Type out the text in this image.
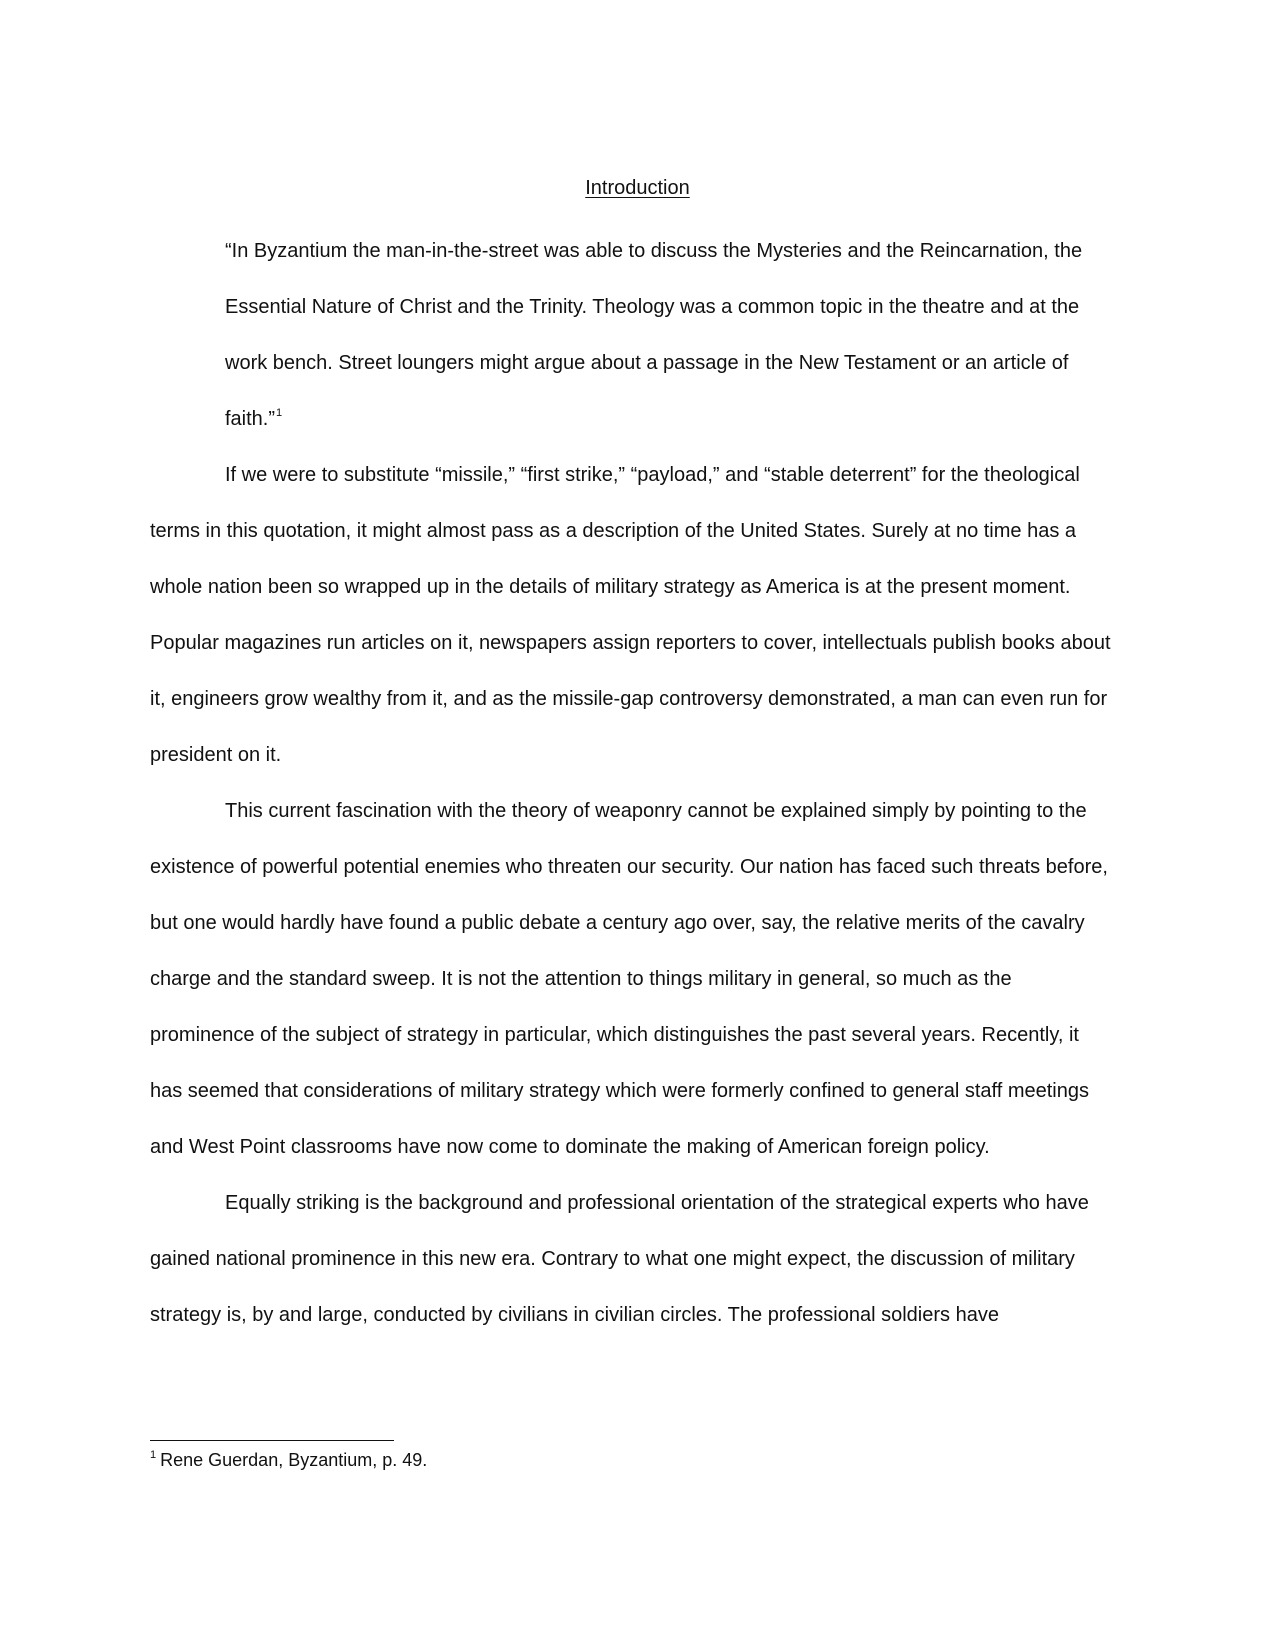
Introduction

“In Byzantium the man-in-the-street was able to discuss the Mysteries and the Reincarnation, the Essential Nature of Christ and the Trinity. Theology was a common topic in the theatre and at the work bench. Street loungers might argue about a passage in the New Testament or an article of faith.”$^1$

If we were to substitute “missile,” “first strike,” “payload,” and “stable deterrent” for the theological terms in this quotation, it might almost pass as a description of the United States. Surely at no time has a whole nation been so wrapped up in the details of military strategy as America is at the present moment. Popular magazines run articles on it, newspapers assign reporters to cover, intellectuals publish books about it, engineers grow wealthy from it, and as the missile-gap controversy demonstrated, a man can even run for president on it.

This current fascination with the theory of weaponry cannot be explained simply by pointing to the existence of powerful potential enemies who threaten our security. Our nation has faced such threats before, but one would hardly have found a public debate a century ago over, say, the relative merits of the cavalry charge and the standard sweep. It is not the attention to things military in general, so much as the prominence of the subject of strategy in particular, which distinguishes the past several years. Recently, it has seemed that considerations of military strategy which were formerly confined to general staff meetings and West Point classrooms have now come to dominate the making of American foreign policy.

Equally striking is the background and professional orientation of the strategical experts who have gained national prominence in this new era. Contrary to what one might expect, the discussion of military strategy is, by and large, conducted by civilians in civilian circles. The professional soldiers have

$^1$ Rene Guerdan, Byzantium, p. 49.
